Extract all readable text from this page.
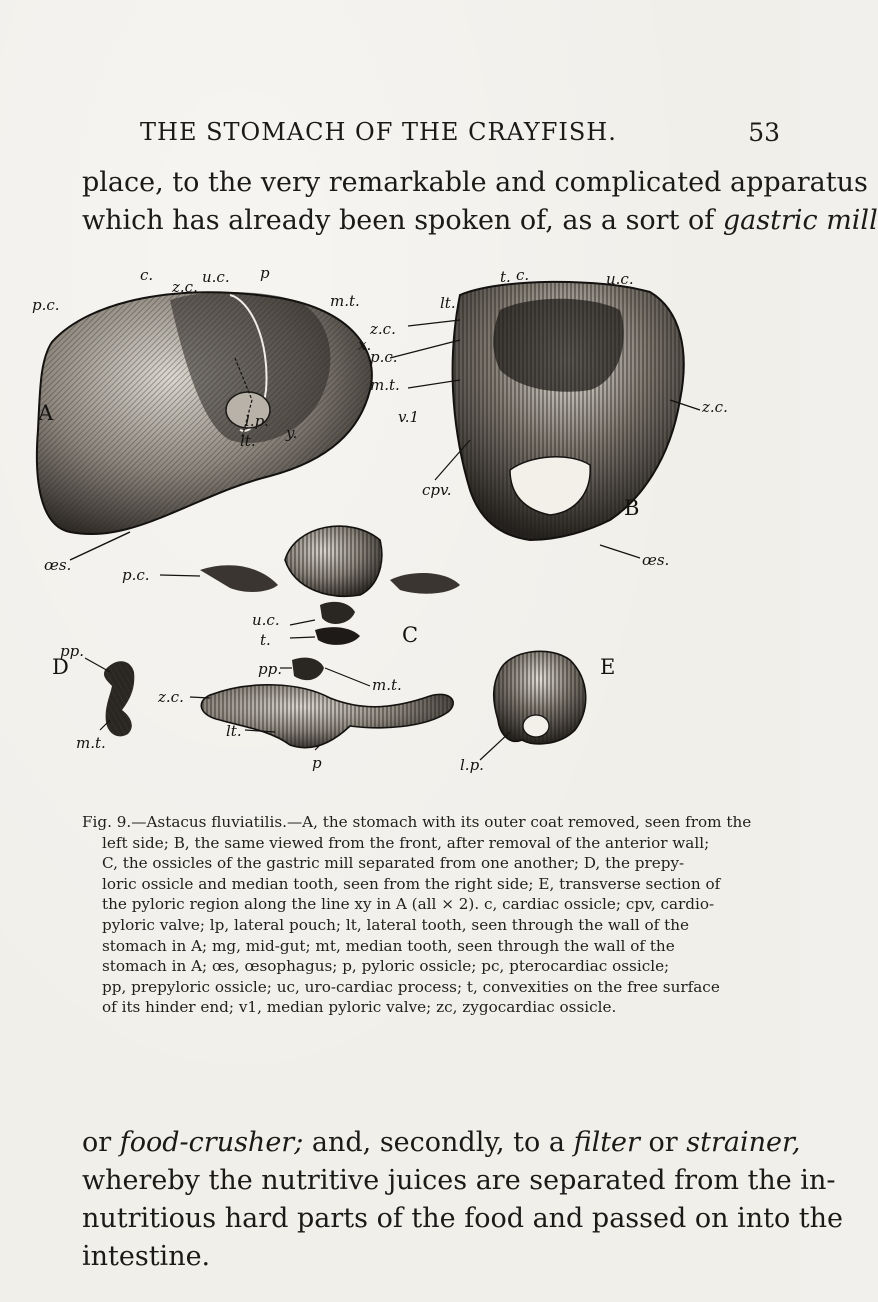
THE STOMACH OF THE CRAYFISH.	53

place, to the very remarkable and complicated apparatus
which has already been spoken of, as a sort of gastric mill

A
B
C
D	E
p.c.
c.
z.c.
u.c. p
m.t.
x.
l.p.
lt. y.
œs.
lt.
t. c.	u.c.
z.c.
p.c.
m.t.
v.1
cpv.
z.c.
œs.
p.c.
u.c.
t.
pp.
m.t.
z.c.
lt.
p
pp.
m.t.
l.p.

Fig. 9.—Astacus fluviatilis.—A, the stomach with its outer coat removed, seen from the
left side; B, the same viewed from the front, after removal of the anterior wall;
C, the ossicles of the gastric mill separated from one another; D, the prepy-
loric ossicle and median tooth, seen from the right side; E, transverse section of
the pyloric region along the line xy in A (all × 2). c, cardiac ossicle; cpv, cardio-
pyloric valve; lp, lateral pouch; lt, lateral tooth, seen through the wall of the
stomach in A; mg, mid-gut; mt, median tooth, seen through the wall of the
stomach in A; œs, œsophagus; p, pyloric ossicle; pc, pterocardiac ossicle;
pp, prepyloric ossicle; uc, uro-cardiac process; t, convexities on the free surface
of its hinder end; v1, median pyloric valve; zc, zygocardiac ossicle.

or food-crusher; and, secondly, to a filter or strainer,
whereby the nutritive juices are separated from the in-
nutritious hard parts of the food and passed on into the
intestine.
